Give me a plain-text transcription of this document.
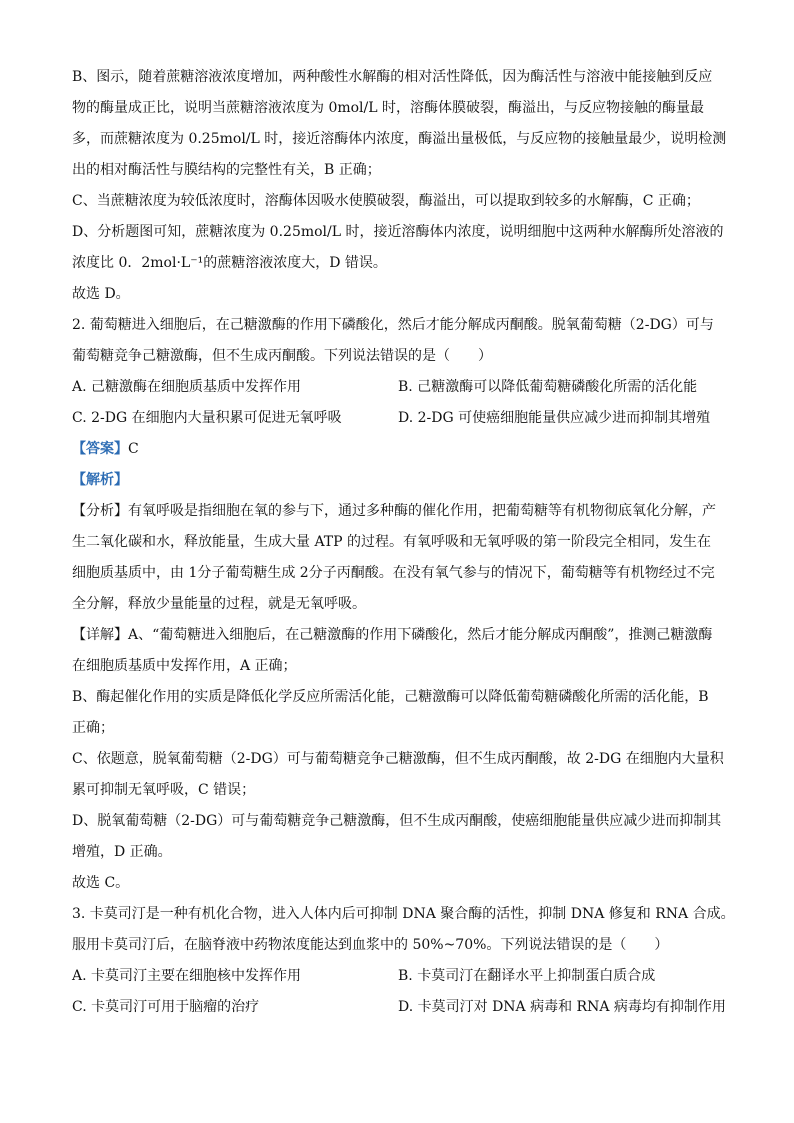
B、图示，随着蔗糖溶液浓度增加，两种酸性水解酶的相对活性降低，因为酶活性与溶液中能接触到反应

物的酶量成正比，说明当蔗糖溶液浓度为 0mol/L 时，溶酶体膜破裂，酶溢出，与反应物接触的酶量最

多，而蔗糖浓度为 0.25mol/L 时，接近溶酶体内浓度，酶溢出量极低，与反应物的接触量最少，说明检测

出的相对酶活性与膜结构的完整性有关，B 正确；

C、当蔗糖浓度为较低浓度时，溶酶体因吸水使膜破裂，酶溢出，可以提取到较多的水解酶，C 正确；

D、分析题图可知，蔗糖浓度为 0.25mol/L 时，接近溶酶体内浓度，说明细胞中这两种水解酶所处溶液的

浓度比 0．2mol·L⁻¹的蔗糖溶液浓度大，D 错误。

故选 D。

2. 葡萄糖进入细胞后，在己糖激酶的作用下磷酸化，然后才能分解成丙酮酸。脱氧葡萄糖（2-DG）可与

葡萄糖竞争己糖激酶，但不生成丙酮酸。下列说法错误的是（　　）

A. 己糖激酶在细胞质基质中发挥作用	B. 己糖激酶可以降低葡萄糖磷酸化所需的活化能
C. 2-DG 在细胞内大量积累可促进无氧呼吸	D. 2-DG 可使癌细胞能量供应减少进而抑制其增殖

【答案】C

【解析】

【分析】有氧呼吸是指细胞在氧的参与下，通过多种酶的催化作用，把葡萄糖等有机物彻底氧化分解，产

生二氧化碳和水，释放能量，生成大量 ATP 的过程。有氧呼吸和无氧呼吸的第一阶段完全相同，发生在

细胞质基质中，由 1分子葡萄糖生成 2分子丙酮酸。在没有氧气参与的情况下，葡萄糖等有机物经过不完

全分解，释放少量能量的过程，就是无氧呼吸。

【详解】A、“葡萄糖进入细胞后，在己糖激酶的作用下磷酸化，然后才能分解成丙酮酸”，推测己糖激酶

在细胞质基质中发挥作用，A 正确；

B、酶起催化作用的实质是降低化学反应所需活化能，己糖激酶可以降低葡萄糖磷酸化所需的活化能，B

正确；

C、依题意，脱氧葡萄糖（2-DG）可与葡萄糖竞争己糖激酶，但不生成丙酮酸，故 2-DG 在细胞内大量积

累可抑制无氧呼吸，C 错误；

D、脱氧葡萄糖（2-DG）可与葡萄糖竞争己糖激酶，但不生成丙酮酸，使癌细胞能量供应减少进而抑制其

增殖，D 正确。

故选 C。

3. 卡莫司汀是一种有机化合物，进入人体内后可抑制 DNA 聚合酶的活性，抑制 DNA 修复和 RNA 合成。

服用卡莫司汀后，在脑脊液中药物浓度能达到血浆中的 50%~70%。下列说法错误的是（　　）

A. 卡莫司汀主要在细胞核中发挥作用	B. 卡莫司汀在翻译水平上抑制蛋白质合成
C. 卡莫司汀可用于脑瘤的治疗	D. 卡莫司汀对 DNA 病毒和 RNA 病毒均有抑制作用
